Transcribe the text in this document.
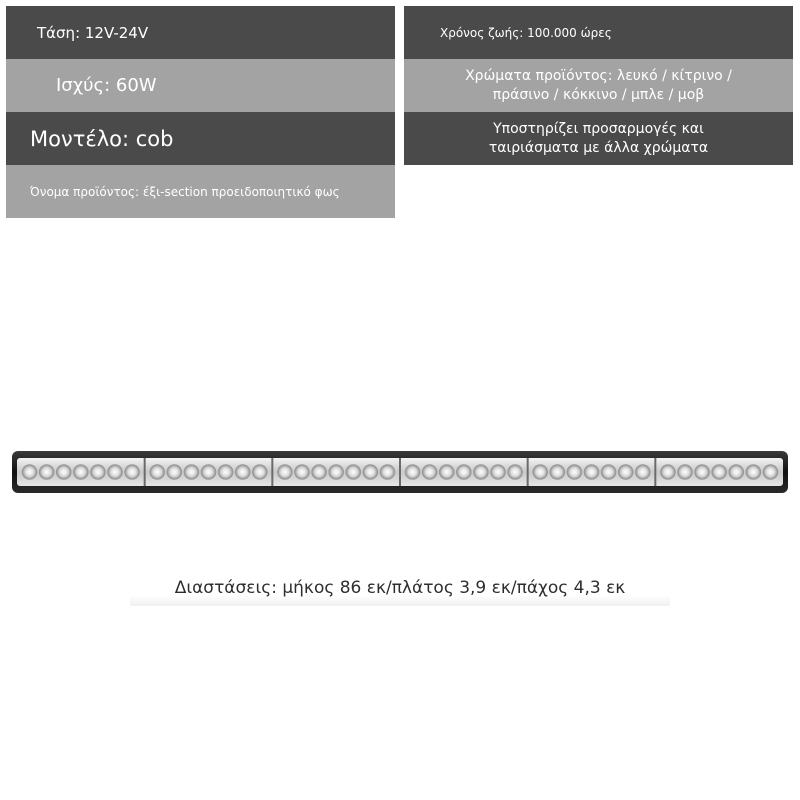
Τάση: 12V-24V
Ισχύς: 60W
Μοντέλο: cob
Όνομα προϊόντος: έξι-section προειδοποιητικό φως
Χρόνος ζωής: 100.000 ώρες
Χρώματα προϊόντος: λευκό / κίτρινο /
πράσινο / κόκκινο / μπλε / μοβ
Υποστηρίζει προσαρμογές και
ταιριάσματα με άλλα χρώματα
Διαστάσεις: μήκος 86 εκ/πλάτος 3,9 εκ/πάχος 4,3 εκ
